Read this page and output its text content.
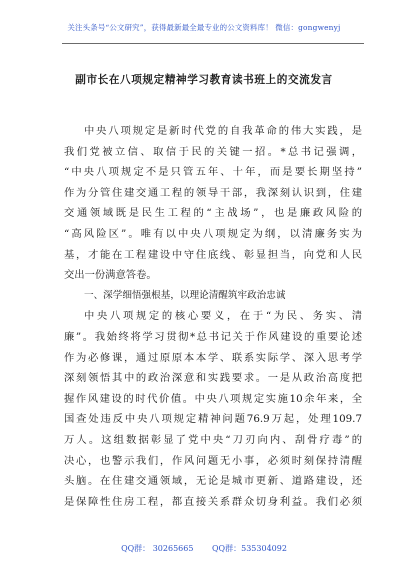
关注头条号“公文研究”，获得最新最全最专业的公文资料库！ 微信：gongwenyj
副市长在八项规定精神学习教育读书班上的交流发言
中央八项规定是新时代党的自我革命的伟大实践，是
我们党被立信、取信于民的关键一招。*总书记强调，
“中央八项规定不是只管五年、十年，而是要长期坚持”
作为分管住建交通工程的领导干部，我深刻认识到，住建
交通领域既是民生工程的“主战场”，也是廉政风险的
“高风险区”。唯有以中央八项规定为纲，以清廉务实为
基，才能在工程建设中守住底线、彰显担当，向党和人民
交出一份满意答卷。
一、深学细悟强根基，以理论清醒筑牢政治忠诚
中央八项规定的核心要义，在于“为民、务实、清
廉”。我始终将学习贯彻*总书记关于作风建设的重要论述
作为必修课，通过原原本本学、联系实际学、深入思考学
深刻领悟其中的政治深意和实践要求。一是从政治高度把
握作风建设的时代价值。中央八项规定实施10余年来，全
国查处违反中央八项规定精神问题76.9万起，处理109.7
万人。这组数据彰显了党中央“刀刃向内、刮骨疗毒”的
决心，也警示我们，作风问题无小事，必须时刻保持清醒
头脑。在住建交通领域，无论是城市更新、道路建设，还
是保障性住房工程，都直接关系群众切身利益。我们必须
QQ群： 30265665 QQ群：535304092
